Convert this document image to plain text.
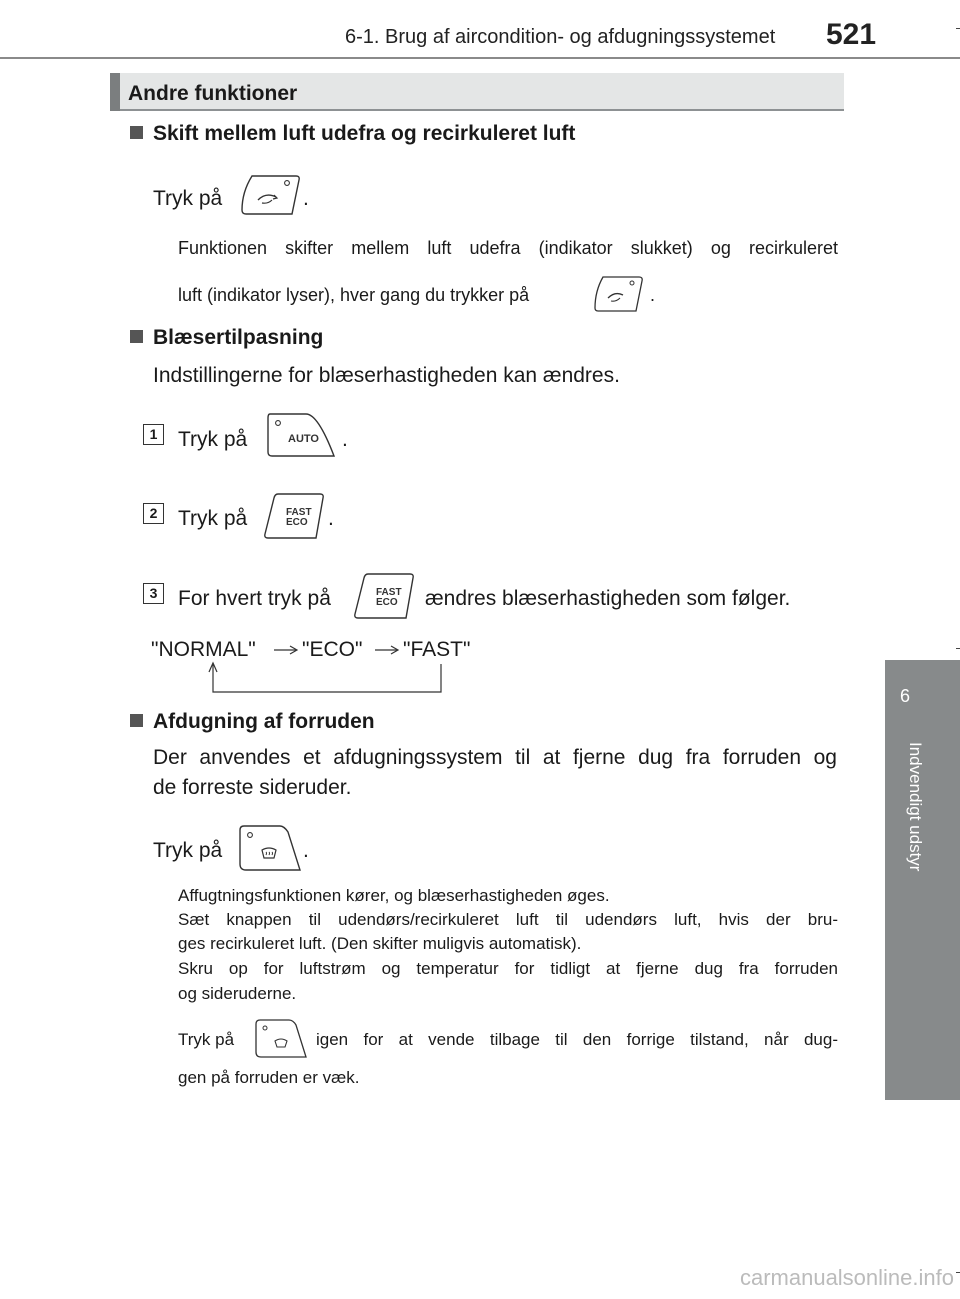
6-1. Brug af aircondition- og afdugningssystemet 521
6
Indvendigt udstyr
Andre funktioner
Skift mellem luft udefra og recirkuleret luft
Tryk på	.
Funktionen skifter mellem luft udefra (indikator slukket) og recirkuleret
luft (indikator lyser), hver gang du trykker på	.
Blæsertilpasning
Indstillingerne for blæserhastigheden kan ændres.
1 Tryk på	AUTO .
2 Tryk på	FAST
ECO .
3 For hvert tryk på	FAST
ECO ændres blæserhastigheden som følger.
"NORMAL" "ECO" "FAST"
Afdugning af forruden
Der anvendes et afdugningssystem til at fjerne dug fra forruden og
de forreste sideruder.
Tryk på	.
Affugtningsfunktionen kører, og blæserhastigheden øges.
Sæt knappen til udendørs/recirkuleret luft til udendørs luft, hvis der bru-
ges recirkuleret luft. (Den skifter muligvis automatisk).
Skru op for luftstrøm og temperatur for tidligt at fjerne dug fra forruden
og sideruderne.
Tryk på	igen for at vende tilbage til den forrige tilstand, når dug-
gen på forruden er væk.
carmanualsonline.info
